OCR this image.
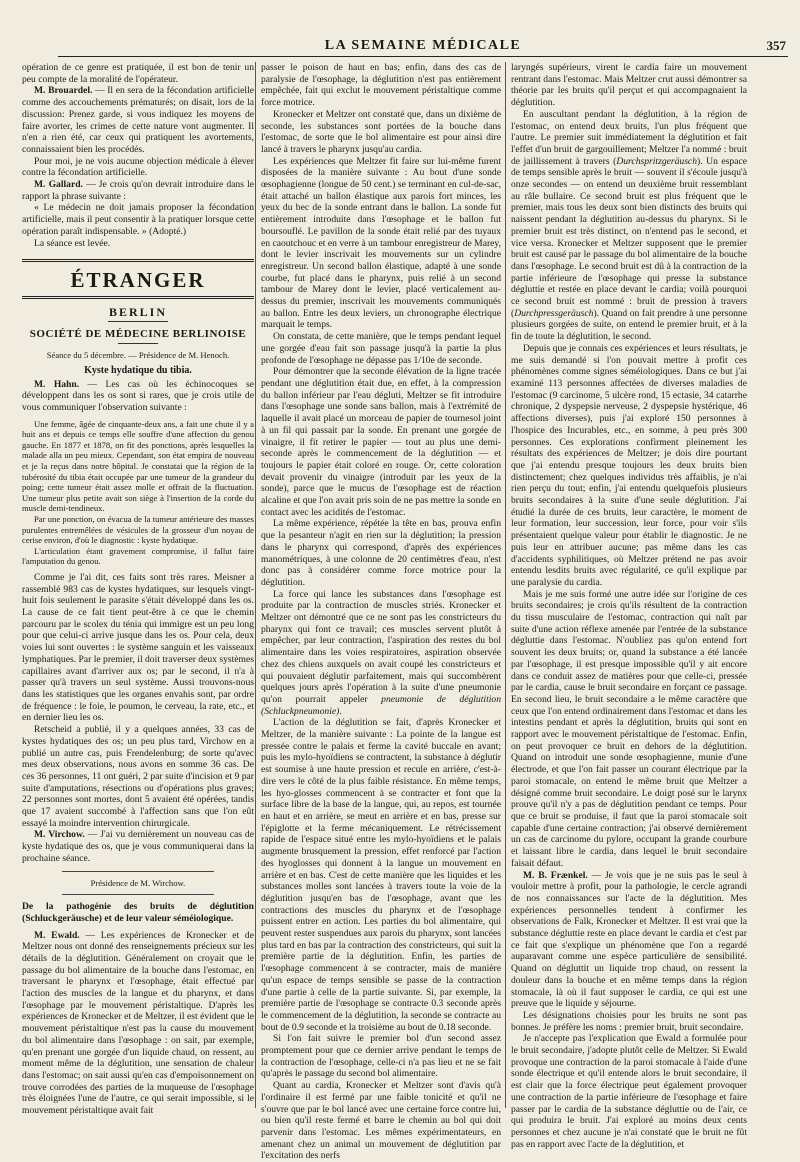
LA SEMAINE MÉDICALE	357

opération de ce genre est pratiquée, il est bon de tenir un peu compte de la moralité de l'opérateur.

M. Brouardel. — Il en sera de la fécondation artificielle comme des accouchements prématurés; on disait, lors de la discussion: Prenez garde, si vous indiquez les moyens de faire avorter, les crimes de cette nature vont augmenter. Il n'en a rien été, car ceux qui pratiquent les avortements, connaissaient bien les procédés.

Pour moi, je ne vois aucune objection médicale à élever contre la fécondation artificielle.

M. Gallard. — Je crois qu'on devrait introduire dans le rapport la phrase suivante :

« Le médecin ne doit jamais proposer la fécondation artificielle, mais il peut consentir à la pratiquer lorsque cette opération paraît indispensable. » (Adopté.)

La séance est levée.

ÉTRANGER
BERLIN
SOCIÉTÉ DE MÉDECINE BERLINOISE

Séance du 5 décembre. — Présidence de M. Henoch.

Kyste hydatique du tibia.

M. Hahn. — Les cas où les échinocoques se développent dans les os sont si rares, que je crois utile de vous communiquer l'observation suivante :

Une femme, âgée de cinquante-deux ans, a fait une chute il y a huit ans et depuis ce temps elle souffre d'une affection du genou gauche. En 1877 et 1878, on fit des ponctions, après lesquelles la malade alla un peu mieux. Cependant, son état empira de nouveau et je la reçus dans notre hôpital. Je constatai que la région de la tubérosité du tibia était occupée par une tumeur de la grandeur du poing; cette tumeur était assez molle et offrait de la fluctuation. Une tumeur plus petite avait son siège à l'insertion de la corde du muscle demi-tendineux.

Par une ponction, on évacua de la tumeur antérieure des masses purulentes entremêlées de vésicules de la grosseur d'un noyau de cerise environ, d'où le diagnostic : kyste hydatique.

L'articulation étant gravement compromise, il fallut faire l'amputation du genou.

Comme je l'ai dit, ces faits sont très rares. Meisner a rassemblé 983 cas de kystes hydatiques, sur lesquels vingt-huit fois seulement le parasite s'était développé dans les os. La cause de ce fait tient peut-être à ce que le chemin parcouru par le scolex du ténia qui immigre est un peu long pour que celui-ci arrive jusque dans les os. Pour cela, deux voies lui sont ouvertes : le système sanguin et les vaisseaux lymphatiques. Par le premier, il doit traverser deux systèmes capillaires avant d'arriver aux os; par le second, il n'a à passer qu'à travers un seul système. Aussi trouvons-nous dans les statistiques que les organes envahis sont, par ordre de fréquence : le foie, le poumon, le cerveau, la rate, etc., et en dernier lieu les os.

Retscheid a publié, il y a quelques années, 33 cas de kystes hydatiques des os; un peu plus tard, Virchow en a publié un autre cas, puis Frendelenburg; de sorte qu'avec mes deux observations, nous avons en somme 36 cas. De ces 36 personnes, 11 ont guéri, 2 par suite d'incision et 9 par suite d'amputations, résections ou d'opérations plus graves; 22 personnes sont mortes, dont 5 avaient été opérées, tandis que 17 avaient succombé à l'affection sans que l'on eût essayé la moindre intervention chirurgicale.

M. Virchow. — J'ai vu dernièrement un nouveau cas de kyste hydatique des os, que je vous communiquerai dans la prochaine séance.

Présidence de M. Wirchow.

De la pathogénie des bruits de déglutition (Schluckgeräusche) et de leur valeur séméiologique.

M. Ewald. — Les expériences de Kronecker et de Meltzer nous ont donné des renseignements précieux sur les détails de la déglutition. Généralement on croyait que le passage du bol alimentaire de la bouche dans l'estomac, en traversant le pharynx et l'œsophage, était effectué par l'action des muscles de la langue et du pharynx, et dans l'œsophage par le mouvement péristaltique. D'après les expériences de Kronecker et de Meltzer, il est évident que le mouvement péristaltique n'est pas la cause du mouvement du bol alimentaire dans l'œsophage : on sait, par exemple, qu'en prenant une gorgée d'un liquide chaud, on ressent, au moment même de la déglutition, une sensation de chaleur dans l'estomac; on sait aussi qu'en cas d'empoisonnement on trouve corrodées des parties de la muqueuse de l'œsophage très éloignées l'une de l'autre, ce qui serait impossible, si le mouvement péristaltique avait fait

passer le poison de haut en bas; enfin, dans des cas de paralysie de l'œsophage, la déglutition n'est pas entièrement empêchée, fait qui exclut le mouvement péristaltique comme force motrice.

Kronecker et Meltzer ont constaté que, dans un dixième de seconde, les substances sont portées de la bouche dans l'estomac, de sorte que le bol alimentaire est pour ainsi dire lancé à travers le pharynx jusqu'au cardia.

Les expériences que Meltzer fit faire sur lui-même furent disposées de la manière suivante : Au bout d'une sonde œsophagienne (longue de 50 cent.) se terminant en cul-de-sac, était attaché un ballon élastique aux parois fort minces, les yeux du bec de la sonde entrant dans le ballon. La sonde fut entièrement introduite dans l'œsophage et le ballon fut boursouflé. Le pavillon de la sonde était relié par des tuyaux en caoutchouc et en verre à un tambour enregistreur de Marey, dont le levier inscrivait les mouvements sur un cylindre enregistreur. Un second ballon élastique, adapté à une sonde courbe, fut placé dans le pharynx, puis relié à un second tambour de Marey dont le levier, placé verticalement au-dessus du premier, inscrivait les mouvements communiqués au ballon. Entre les deux leviers, un chronographe électrique marquait le temps.

On constata, de cette manière, que le temps pendant lequel une gorgée d'eau fait son passage jusqu'à la partie la plus profonde de l'œsophage ne dépasse pas 1/10e de seconde.

Pour démontrer que la seconde élévation de la ligne tracée pendant une déglutition était due, en effet, à la compression du ballon inférieur par l'eau dégluti, Meltzer se fit introduire dans l'œsophage une sonde sans ballon, mais à l'extrémité de laquelle il avait placé un morceau de papier de tournesol joint à un fil qui passait par la sonde. En prenant une gorgée de vinaigre, il fit retirer le papier — tout au plus une demi-seconde après le commencement de la déglutition — et toujours le papier était coloré en rouge. Or, cette coloration devait provenir du vinaigre (introduit par les yeux de la sonde), parce que le mucus de l'œsophage est de réaction alcaline et que l'on avait pris soin de ne pas mettre la sonde en contact avec les acidités de l'estomac.

La même expérience, répétée la tête en bas, prouva enfin que la pesanteur n'agit en rien sur la déglutition; la pression dans le pharynx qui correspond, d'après des expériences manométriques, à une colonne de 20 centimètres d'eau, n'est donc pas à considérer comme force motrice pour la déglutition.

La force qui lance les substances dans l'œsophage est produite par la contraction de muscles striés. Kronecker et Meltzer ont démontré que ce ne sont pas les constricteurs du pharynx qui font ce travail; ces muscles servent plutôt à empêcher, par leur contraction, l'aspiration des restes du bol alimentaire dans les voies respiratoires, aspiration observée chez des chiens auxquels on avait coupé les constricteurs et qui pouvaient déglutir parfaitement, mais qui succombèrent quelques jours après l'opération à la suite d'une pneumonie qu'on pourrait appeler pneumonie de déglutition (Schluckpneumonie).

L'action de la déglutition se fait, d'après Kronecker et Meltzer, de la manière suivante : La pointe de la langue est pressée contre le palais et ferme la cavité buccale en avant; puis les mylo-hyoïdiens se contractent, la substance à déglutir est soumise à une haute pression et recule en arrière, c'est-à-dire vers le côté de la plus faible résistance. En même temps, les hyo-glosses commencent à se contracter et font que la surface libre de la base de la langue, qui, au repos, est tournée en haut et en arrière, se meut en arrière et en bas, presse sur l'épiglotte et la ferme mécaniquement. Le rétrécissement rapide de l'espace situé entre les mylo-hyoïdiens et le palais augmente brusquement la pression, effet renforcé par l'action des hyoglosses qui donnent à la langue un mouvement en arrière et en bas. C'est de cette manière que les liquides et les substances molles sont lancées à travers toute la voie de la déglutition jusqu'en bas de l'œsophage, avant que les contractions des muscles du pharynx et de l'œsophage puissent entrer en action. Les parties du bol alimentaire, qui peuvent rester suspendues aux parois du pharynx, sont lancées plus tard en bas par la contraction des constricteurs, qui suit la première partie de la déglutition. Enfin, les parties de l'œsophage commencent à se contracter, mais de manière qu'un espace de temps sensible se passe de la contraction d'une partie à celle de la partie suivante. Si, par exemple, la première partie de l'œsophage se contracte 0.3 seconde après le commencement de la déglutition, la seconde se contracte au bout de 0.9 seconde et la troisième au bout de 0.18 seconde.

Si l'on fait suivre le premier bol d'un second assez promptement pour que ce dernier arrive pendant le temps de la contraction de l'œsophage, celle-ci n'a pas lieu et ne se fait qu'après le passage du second bol alimentaire.

Quant au cardia, Kronecker et Meltzer sont d'avis qu'à l'ordinaire il est fermé par une faible tonicité et qu'il ne s'ouvre que par le bol lancé avec une certaine force contre lui, ou bien qu'il reste fermé et barre le chemin au bol qui doit parvenir dans l'estomac. Les mêmes expérimentateurs, en amenant chez un animal un mouvement de déglutition par l'excitation des nerfs

laryngés supérieurs, virent le cardia faire un mouvement rentrant dans l'estomac. Mais Meltzer crut aussi démontrer sa théorie par les bruits qu'il perçut et qui accompagnaient la déglutition.

En auscultant pendant la déglutition, à la région de l'estomac, on entend deux bruits, l'un plus fréquent que l'autre. Le premier suit immédiatement la déglutition et fait l'effet d'un bruit de gargouillement; Meltzer l'a nommé : bruit de jaillissement à travers (Durchspritzgeräusch). Un espace de temps sensible après le bruit — souvent il s'écoule jusqu'à onze secondes — on entend un deuxième bruit ressemblant au râle bullaire. Ce second bruit est plus fréquent que le premier, mais tous les deux sont bien distincts des bruits qui naissent pendant la déglutition au-dessus du pharynx. Si le premier bruit est très distinct, on n'entend pas le second, et vice versa. Kronecker et Meltzer supposent que le premier bruit est causé par le passage du bol alimentaire de la bouche dans l'œsophage. Le second bruit est dû à la contraction de la partie inférieure de l'œsophage qui presse la substance dégluttie et restée en place devant le cardia; voilà pourquoi ce second bruit est nommé : bruit de pression à travers (Durchpressgeräusch). Quand on fait prendre à une personne plusieurs gorgées de suite, on entend le premier bruit, et à la fin de toute la déglutition, le second.

Depuis que je connais ces expériences et leurs résultats, je me suis demandé si l'on pouvait mettre à profit ces phénomènes comme signes séméiologiques. Dans ce but j'ai examiné 113 personnes affectées de diverses maladies de l'estomac (9 carcinome, 5 ulcère rond, 15 ectasie, 34 catarrhe chronique, 2 dyspepsie nerveuse, 2 dyspepsie hystérique, 46 affections diverses), puis j'ai exploré 150 personnes à l'hospice des Incurables, etc., en somme, à peu près 300 personnes. Ces explorations confirment pleinement les résultats des expériences de Meltzer; je dois dire pourtant que j'ai entendu presque toujours les deux bruits bien distinctement; chez quelques individus très affaiblis, je n'ai rien perçu du tout; enfin, j'ai entendu quelquefois plusieurs bruits secondaires à la suite d'une seule déglutition. J'ai étudié la durée de ces bruits, leur caractère, le moment de leur formation, leur succession, leur force, pour voir s'ils présentaient quelque valeur pour établir le diagnostic. Je ne puis leur en attribuer aucune; pas même dans les cas d'accidents syphilitiques, où Meltzer prétend ne pas avoir entendu lesdits bruits avec régularité, ce qu'il explique par une paralysie du cardia.

Mais je me suis formé une autre idée sur l'origine de ces bruits secondaires; je crois qu'ils résultent de la contraction du tissu musculaire de l'estomac, contraction qui naît par suite d'une action réflexe amenée par l'entrée de la substance dégluttie dans l'estomac. N'oubliez pas qu'on entend fort souvent les deux bruits; or, quand la substance a été lancée par l'œsophage, il est presque impossible qu'il y ait encore dans ce conduit assez de matières pour que celle-ci, pressée par le cardia, cause le bruit secondaire en forçant ce passage. En second lieu, le bruit secondaire a le même caractère que ceux que l'on entend ordinairement dans l'estomac et dans les intestins pendant et après la déglutition, bruits qui sont en rapport avec le mouvement péristaltique de l'estomac. Enfin, on peut provoquer ce bruit en dehors de la déglutition. Quand on introduit une sonde œsophagienne, munie d'une électrode, et que l'on fait passer un courant électrique par la paroi stomacale, on entend le même bruit que Meltzer a désigné comme bruit secondaire. Le doigt posé sur le larynx prouve qu'il n'y a pas de déglutition pendant ce temps. Pour que ce bruit se produise, il faut que la paroi stomacale soit capable d'une certaine contraction; j'ai observé dernièrement un cas de carcinome du pylore, occupant la grande courbure et laissant libre le cardia, dans lequel le bruit secondaire faisait défaut.

M. B. Frænkel. — Je vois que je ne suis pas le seul à vouloir mettre à profit, pour la pathologie, le cercle agrandi de nos connaissances sur l'acte de la déglutition. Mes expériences personnelles tendent à confirmer les observations de Falk, Kronecker et Meltzer. Il est vrai que la substance dégluttie reste en place devant le cardia et c'est par ce fait que s'explique un phénomène que l'on a regardé auparavant comme une espèce particulière de sensibilité. Quand on dégluttit un liquide trop chaud, on ressent la douleur dans la bouche et en même temps dans la région stomacale, là où il faut supposer le cardia, ce qui est une preuve que le liquide y séjourne.

Les désignations choisies pour les bruits ne sont pas bonnes. Je préfère les noms : premier bruit, bruit secondaire.

Je n'accepte pas l'explication que Ewald a formulée pour le bruit secondaire, j'adopte plutôt celle de Meltzer. Si Ewald provoque une contraction de la paroi stomacale à l'aide d'une sonde électrique et qu'il entende alors le bruit secondaire, il est clair que la force électrique peut également provoquer une contraction de la partie inférieure de l'œsophage et faire passer par le cardia de la substance dégluttie ou de l'air, ce qui produira le bruit. J'ai exploré au moins deux cents personnes et chez aucune je n'ai constaté que le bruit ne fût pas en rapport avec l'acte de la déglutition, et
